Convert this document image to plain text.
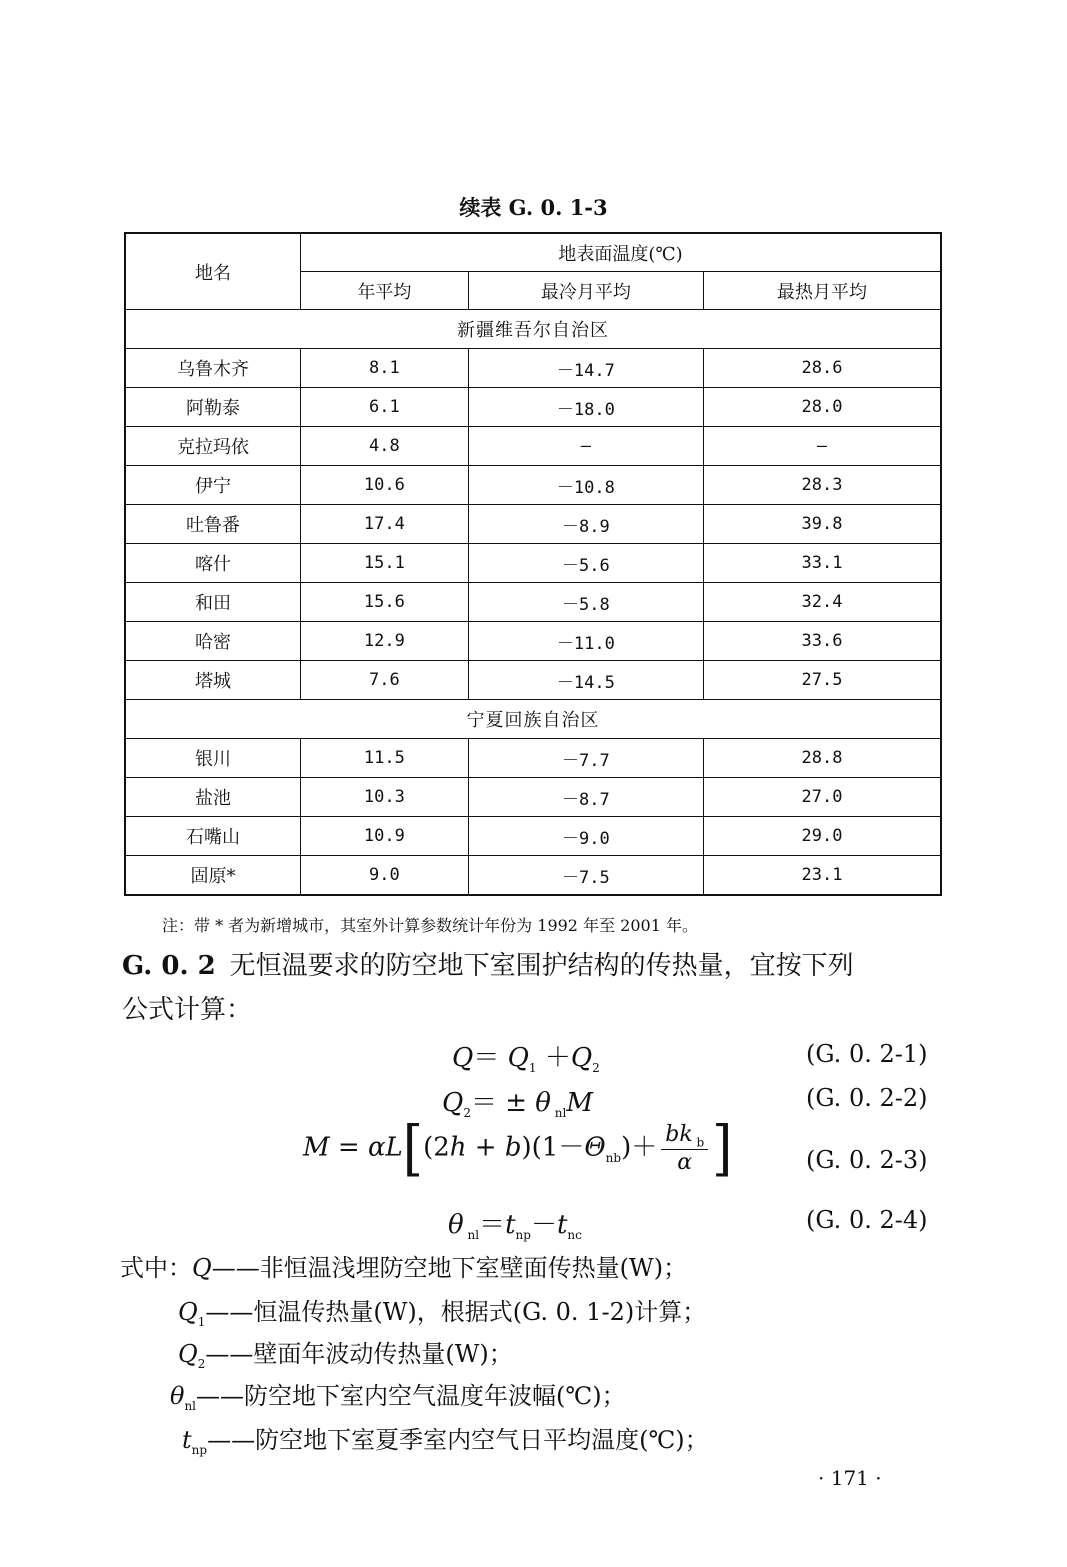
续表 G. 0. 1-3
地名	地表面温度(℃)		
	年平均	最冷月平均	最热月平均
新疆维吾尔自治区			
乌鲁木齐	8.1	－14.7	28.6
阿勒泰	6.1	－18.0	28.0
克拉玛依	4.8	—	—
伊宁	10.6	－10.8	28.3
吐鲁番	17.4	－8.9	39.8
喀什	15.1	－5.6	33.1
和田	15.6	－5.8	32.4
哈密	12.9	－11.0	33.6
塔城	7.6	－14.5	27.5
宁夏回族自治区			
银川	11.5	－7.7	28.8
盐池	10.3	－8.7	27.0
石嘴山	10.9	－9.0	29.0
固原*	9.0	－7.5	23.1
注：带 * 者为新增城市，其室外计算参数统计年份为 1992 年至 2001 年。
G. 0. 2 无恒温要求的防空地下室围护结构的传热量，宜按下列
公式计算：
$Q= Q_1 +Q_2$
(G. 0. 2-1)
$Q_2= \pm \theta$ $_{nl}$M	(G. 0. 2-2)
$M = \alpha L[(2h + b)(1-\Theta_{nb})+ \frac{bk _b}{\alpha}$ ]	(G. 0. 2-3)
θ $_{nl}=t_{np}-t_{nc}$
(G. 0. 2-4)
式中：Q——非恒温浅埋防空地下室壁面传热量(W)；
$Q_1——$恒温传热量(W)，根据式(G. 0. 1-2)计算；
$Q_2——$壁面年波动传热量(W)；
$\theta_{nl}——$防空地下室内空气温度年波幅(℃)；
$t_{np}——$防空地下室夏季室内空气日平均温度(℃)；
· 171 ·
